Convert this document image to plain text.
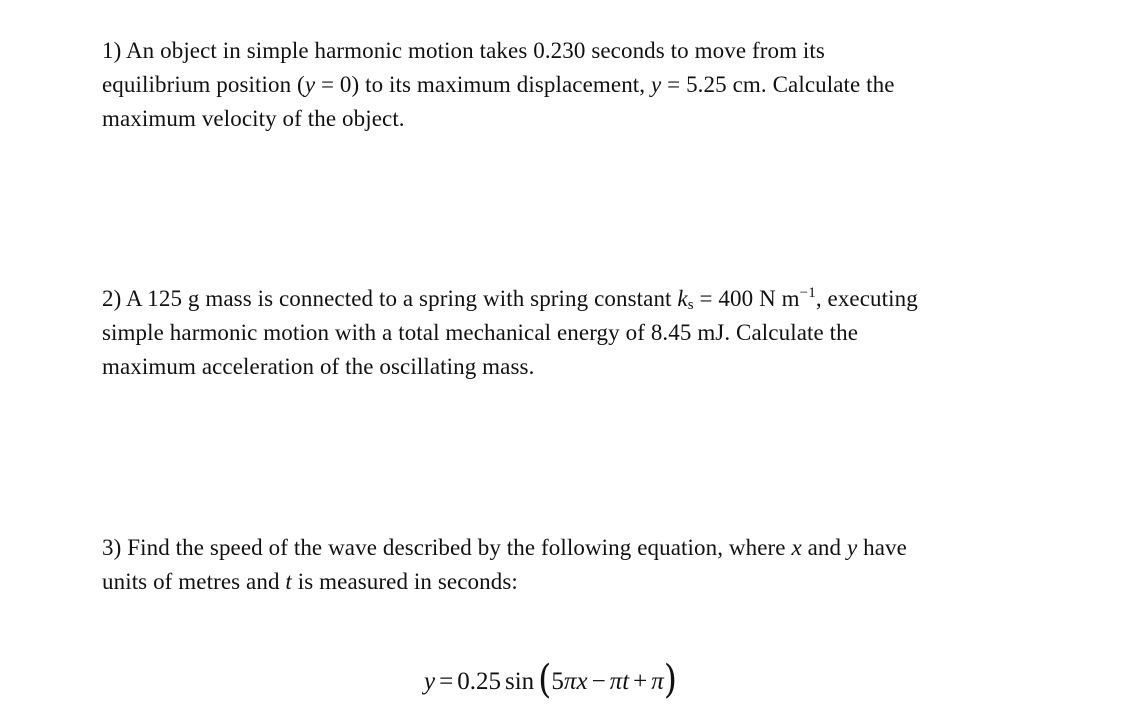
1) An object in simple harmonic motion takes 0.230 seconds to move from its
equilibrium position (y = 0) to its maximum displacement, y = 5.25 cm. Calculate the
maximum velocity of the object.
2) A 125 g mass is connected to a spring with spring constant $k_s = 400$ N $m^{-1}$, executing
simple harmonic motion with a total mechanical energy of 8.45 mJ. Calculate the
maximum acceleration of the oscillating mass.
3) Find the speed of the wave described by the following equation, where x and y have
units of metres and t is measured in seconds:
y = 0.25 sin (5πx − πt + π)
